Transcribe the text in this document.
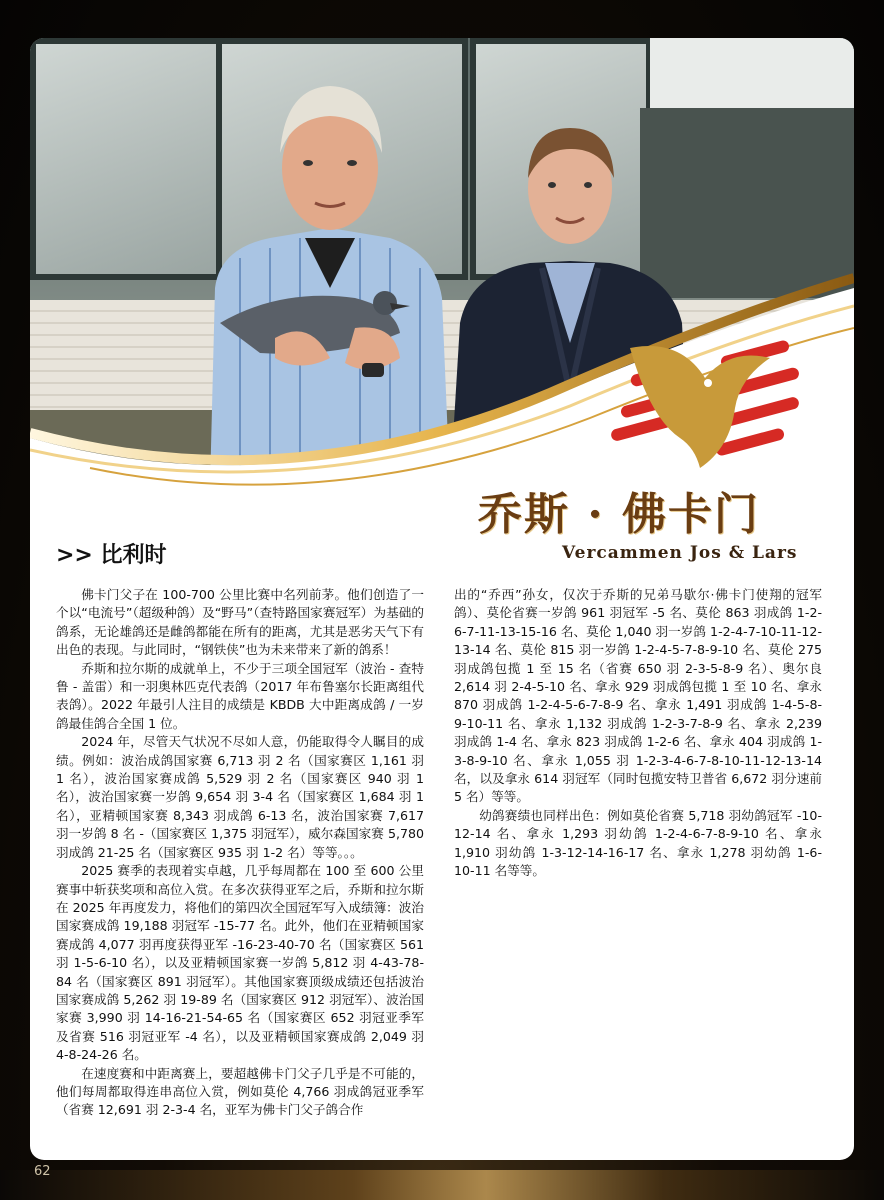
乔斯 · 佛卡门
Vercammen Jos & Lars
>> 比利时

佛卡门父子在 100-700 公里比赛中名列前茅。他们创造了一个以“电流号”（超级种鸽）及“野马”（查特路国家赛冠军）为基础的鸽系，无论雄鸽还是雌鸽都能在所有的距离，尤其是恶劣天气下有出色的表现。与此同时，“钢铁侠”也为未来带来了新的鸽系！

乔斯和拉尔斯的成就单上，不少于三项全国冠军（波治 - 查特鲁 - 盖雷）和一羽奥林匹克代表鸽（2017 年布鲁塞尔长距离组代表鸽）。2022 年最引人注目的成绩是 KBDB 大中距离成鸽 / 一岁鸽最佳鸽合全国 1 位。

2024 年，尽管天气状况不尽如人意，仍能取得令人瞩目的成绩。例如：波治成鸽国家赛 6,713 羽 2 名（国家赛区 1,161 羽 1 名），波治国家赛成鸽 5,529 羽 2 名（国家赛区 940 羽 1 名），波治国家赛一岁鸽 9,654 羽 3-4 名（国家赛区 1,684 羽 1 名），亚精顿国家赛 8,343 羽成鸽 6-13 名，波治国家赛 7,617 羽一岁鸽 8 名 -（国家赛区 1,375 羽冠军），威尔森国家赛 5,780 羽成鸽 21-25 名（国家赛区 935 羽 1-2 名）等等。。。

2025 赛季的表现着实卓越，几乎每周都在 100 至 600 公里赛事中斩获奖项和高位入赏。在多次获得亚军之后，乔斯和拉尔斯在 2025 年再度发力，将他们的第四次全国冠军写入成绩簿：波治国家赛成鸽 19,188 羽冠军 -15-77 名。此外，他们在亚精顿国家赛成鸽 4,077 羽再度获得亚军 -16-23-40-70 名（国家赛区 561 羽 1-5-6-10 名），以及亚精顿国家赛一岁鸽 5,812 羽 4-43-78-84 名（国家赛区 891 羽冠军）。其他国家赛顶级成绩还包括波治国家赛成鸽 5,262 羽 19-89 名（国家赛区 912 羽冠军）、波治国家赛 3,990 羽 14-16-21-54-65 名（国家赛区 652 羽冠亚季军及省赛 516 羽冠亚军 -4 名），以及亚精顿国家赛成鸽 2,049 羽 4-8-24-26 名。

在速度赛和中距离赛上，要超越佛卡门父子几乎是不可能的，他们每周都取得连串高位入赏，例如莫伦 4,766 羽成鸽冠亚季军（省赛 12,691 羽 2-3-4 名，亚军为佛卡门父子鸽合作

出的“乔西”孙女，仅次于乔斯的兄弟马歇尔·佛卡门使翔的冠军鸽）、莫伦省赛一岁鸽 961 羽冠军 -5 名、莫伦 863 羽成鸽 1-2-6-7-11-13-15-16 名、莫伦 1,040 羽一岁鸽 1-2-4-7-10-11-12-13-14 名、莫伦 815 羽一岁鸽 1-2-4-5-7-8-9-10 名、莫伦 275 羽成鸽包揽 1 至 15 名（省赛 650 羽 2-3-5-8-9 名）、奥尔良 2,614 羽 2-4-5-10 名、拿永 929 羽成鸽包揽 1 至 10 名、拿永 870 羽成鸽 1-2-4-5-6-7-8-9 名、拿永 1,491 羽成鸽 1-4-5-8-9-10-11 名、拿永 1,132 羽成鸽 1-2-3-7-8-9 名、拿永 2,239 羽成鸽 1-4 名、拿永 823 羽成鸽 1-2-6 名、拿永 404 羽成鸽 1-3-8-9-10 名、拿永 1,055 羽 1-2-3-4-6-7-8-10-11-12-13-14 名，以及拿永 614 羽冠军（同时包揽安特卫普省 6,672 羽分速前 5 名）等等。

幼鸽赛绩也同样出色：例如莫伦省赛 5,718 羽幼鸽冠军 -10-12-14 名、拿永 1,293 羽幼鸽 1-2-4-6-7-8-9-10 名、拿永 1,910 羽幼鸽 1-3-12-14-16-17 名、拿永 1,278 羽幼鸽 1-6-10-11 名等等。

62
